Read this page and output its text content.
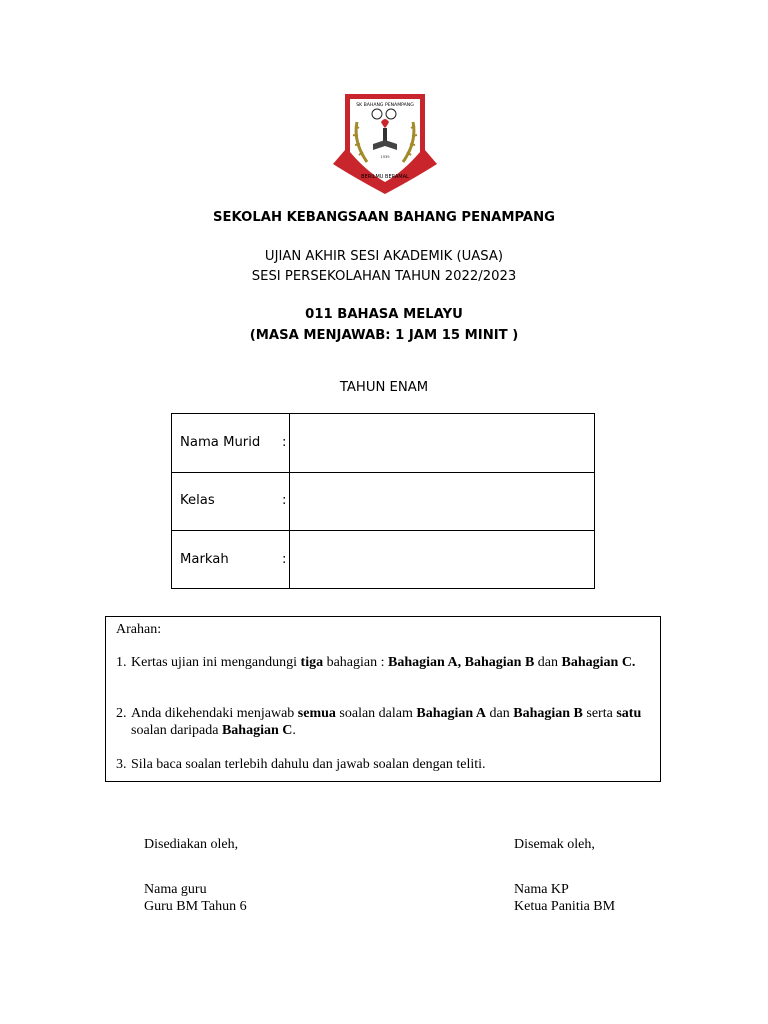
SK BAHANG PENAMPANG
1939
BERILMU BERAMAL
SEKOLAH KEBANGSAAN BAHANG PENAMPANG
UJIAN AKHIR SESI AKADEMIK (UASA)
SESI PERSEKOLAHAN TAHUN 2022/2023
011 BAHASA MELAYU
(MASA MENJAWAB: 1 JAM 15 MINIT )
TAHUN ENAM
Nama Murid :
Kelas	:
Markah	:
Arahan:
1. Kertas ujian ini mengandungi tiga bahagian : Bahagian A, Bahagian B dan Bahagian C.
2. Anda dikehendaki menjawab semua soalan dalam Bahagian A dan Bahagian B serta satu soalan daripada Bahagian C.
3. Sila baca soalan terlebih dahulu dan jawab soalan dengan teliti.
Disediakan oleh,
Nama guru
Guru BM Tahun 6
Disemak oleh,
Nama KP
Ketua Panitia BM
